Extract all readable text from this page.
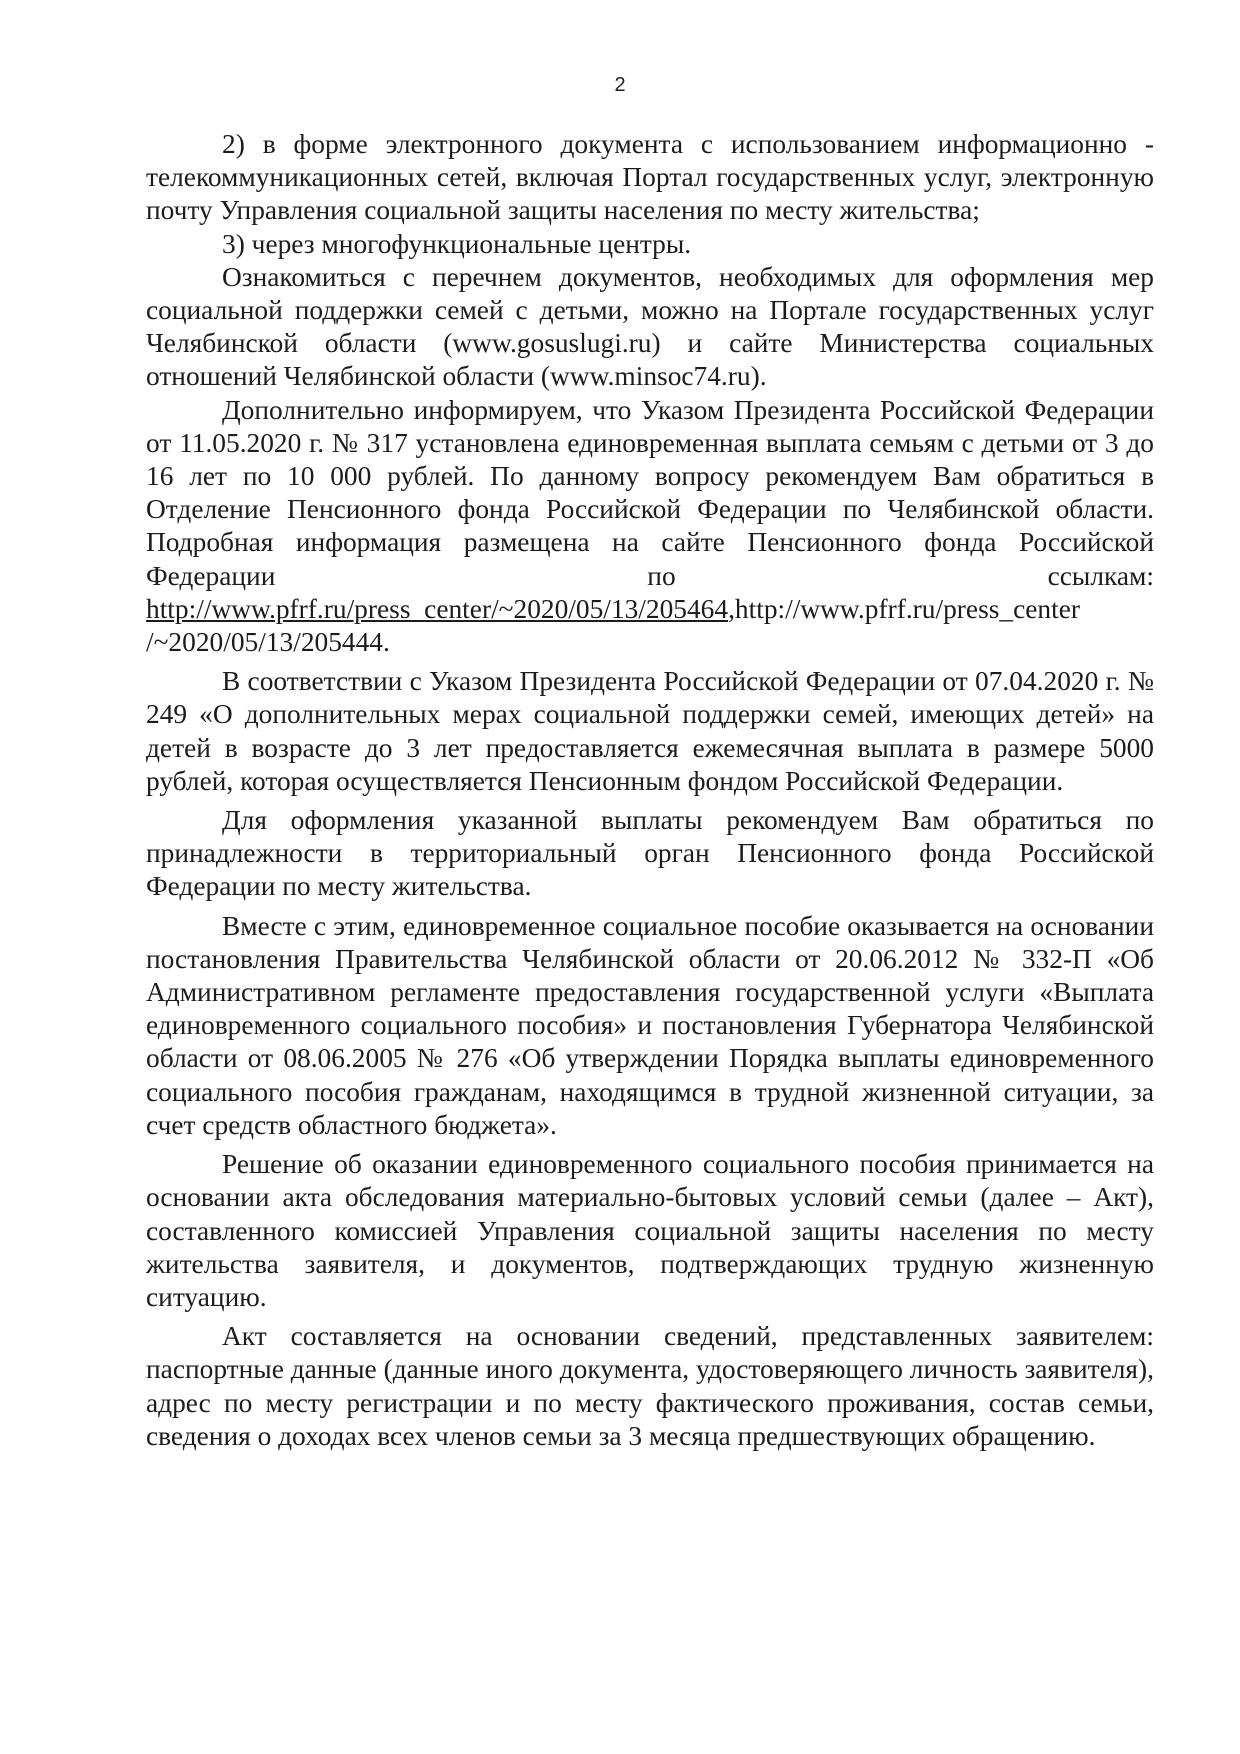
2

2) в форме электронного документа с использованием информационно - телекоммуникационных сетей, включая Портал государственных услуг, электронную почту Управления социальной защиты населения по месту жительства;

3) через многофункциональные центры.

Ознакомиться с перечнем документов, необходимых для оформления мер социальной поддержки семей с детьми, можно на Портале государственных услуг Челябинской области (www.gosuslugi.ru) и сайте Министерства социальных отношений Челябинской области (www.minsoc74.ru).

Дополнительно информируем, что Указом Президента Российской Федерации от 11.05.2020 г. № 317 установлена единовременная выплата семьям с детьми от 3 до 16 лет по 10 000 рублей. По данному вопросу рекомендуем Вам обратиться в Отделение Пенсионного фонда Российской Федерации по Челябинской области. Подробная информация размещена на сайте Пенсионного фонда Российской Федерации по ссылкам: http://www.pfrf.ru/press_center/~2020/05/13/205464,http://www.pfrf.ru/press_center /~2020/05/13/205444.

В соответствии с Указом Президента Российской Федерации от 07.04.2020 г. № 249 «О дополнительных мерах социальной поддержки семей, имеющих детей» на детей в возрасте до 3 лет предоставляется ежемесячная выплата в размере 5000 рублей, которая осуществляется Пенсионным фондом Российской Федерации.

Для оформления указанной выплаты рекомендуем Вам обратиться по принадлежности в территориальный орган Пенсионного фонда Российской Федерации по месту жительства.

Вместе с этим, единовременное социальное пособие оказывается на основании постановления Правительства Челябинской области от 20.06.2012 № 332-П «Об Административном регламенте предоставления государственной услуги «Выплата единовременного социального пособия» и постановления Губернатора Челябинской области от 08.06.2005 № 276 «Об утверждении Порядка выплаты единовременного социального пособия гражданам, находящимся в трудной жизненной ситуации, за счет средств областного бюджета».

Решение об оказании единовременного социального пособия принимается на основании акта обследования материально-бытовых условий семьи (далее – Акт), составленного комиссией Управления социальной защиты населения по месту жительства заявителя, и документов, подтверждающих трудную жизненную ситуацию.

Акт составляется на основании сведений, представленных заявителем: паспортные данные (данные иного документа, удостоверяющего личность заявителя), адрес по месту регистрации и по месту фактического проживания, состав семьи, сведения о доходах всех членов семьи за 3 месяца предшествующих обращению.
